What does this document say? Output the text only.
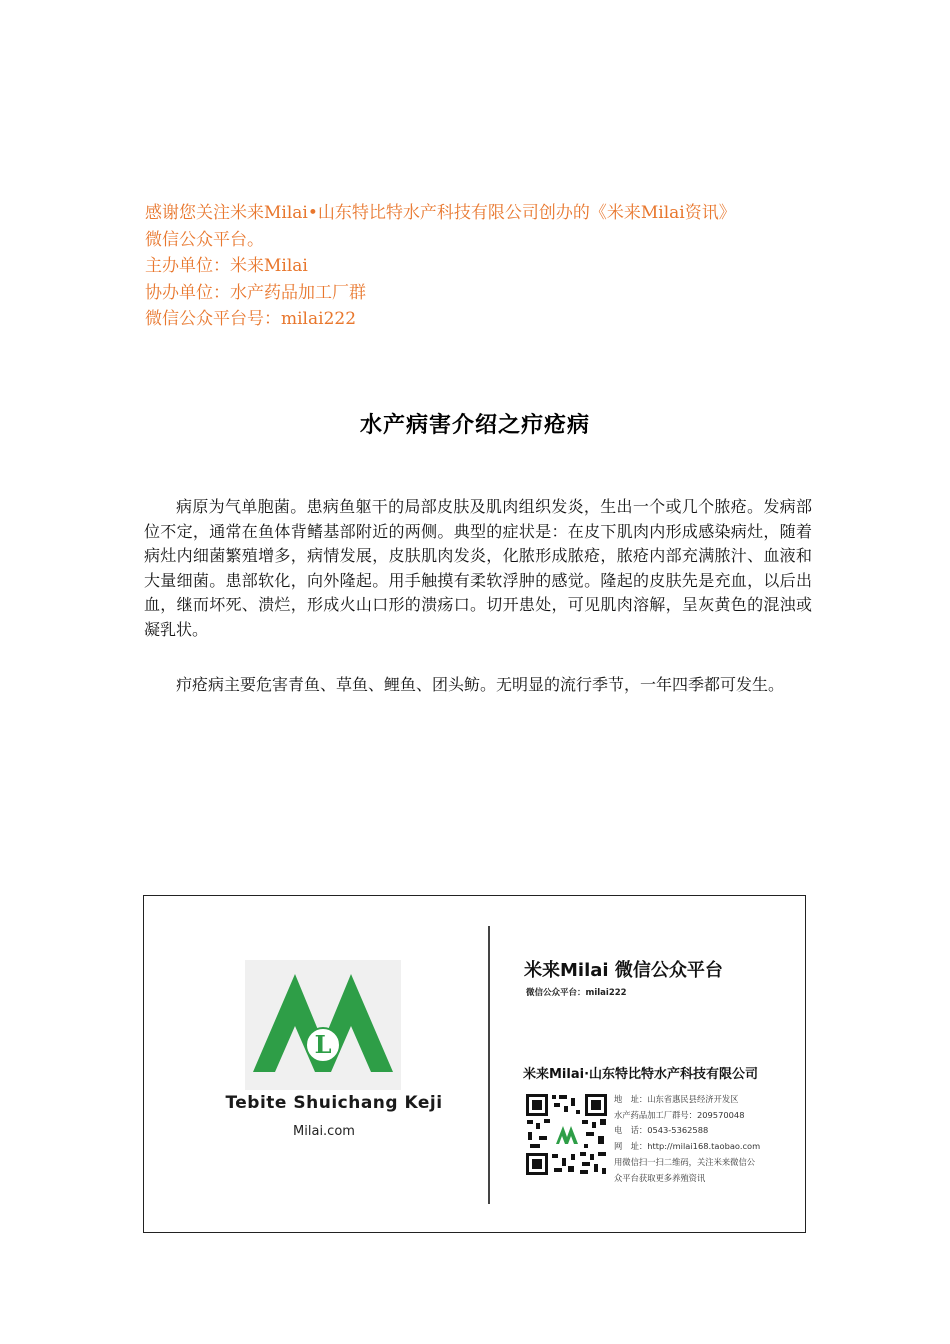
感谢您关注米来Milai•山东特比特水产科技有限公司创办的《米来Milai资讯》
微信公众平台。
主办单位：米来Milai
协办单位：水产药品加工厂群
微信公众平台号：milai222
水产病害介绍之疖疮病
病原为气单胞菌。患病鱼躯干的局部皮肤及肌肉组织发炎，生出一个或几个脓疮。发病部位不定，通常在鱼体背鳍基部附近的两侧。典型的症状是：在皮下肌肉内形成感染病灶，随着病灶内细菌繁殖增多，病情发展，皮肤肌肉发炎，化脓形成脓疮，脓疮内部充满脓汁、血液和大量细菌。患部软化，向外隆起。用手触摸有柔软浮肿的感觉。隆起的皮肤先是充血，以后出血，继而坏死、溃烂，形成火山口形的溃疡口。切开患处，可见肌肉溶解，呈灰黄色的混浊或凝乳状。
疖疮病主要危害青鱼、草鱼、鲤鱼、团头鲂。无明显的流行季节，一年四季都可发生。
L
Tebite Shuichang Keji
Milai.com
米来Milai 微信公众平台
微信公众平台：milai222
米来Milai·山东特比特水产科技有限公司
地　址：山东省惠民县经济开发区
水产药品加工厂群号：209570048
电　话：0543-5362588
网　址：http://milai168.taobao.com
用微信扫一扫二维码，关注米来微信公
众平台获取更多养殖资讯
